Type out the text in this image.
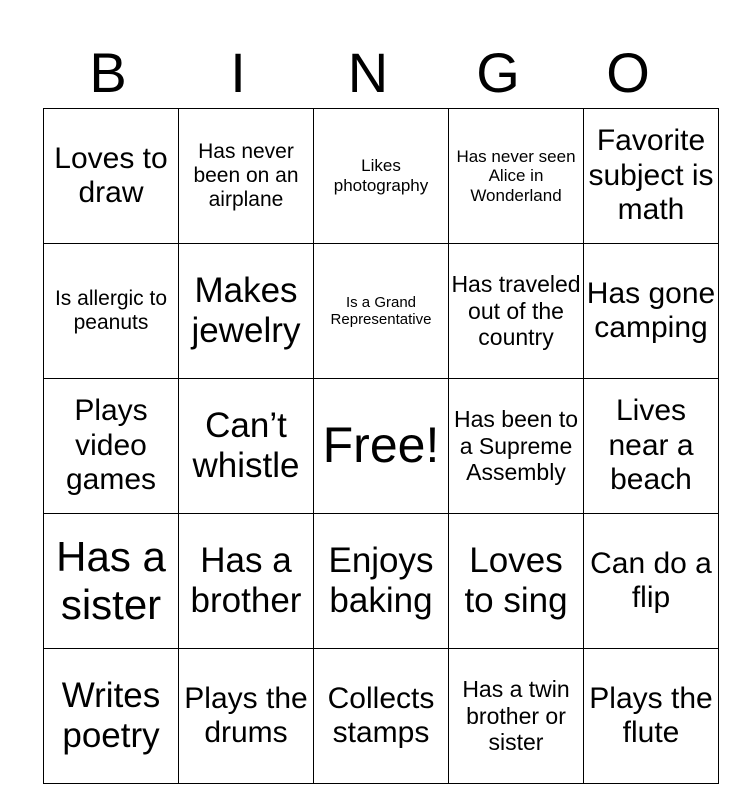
B	I	N	G	O
Loves to draw	Has never been on an airplane	Likes photography	Has never seen Alice in Wonderland	Favorite subject is math
Is allergic to peanuts	Makes jewelry	Is a Grand Representative	Has traveled out of the country	Has gone camping
Plays video games	Can’t whistle	Free!	Has been to a Supreme Assembly	Lives near a beach
Has a sister	Has a brother	Enjoys baking	Loves to sing	Can do a flip
Writes poetry	Plays the drums	Collects stamps	Has a twin brother or sister	Plays the flute
